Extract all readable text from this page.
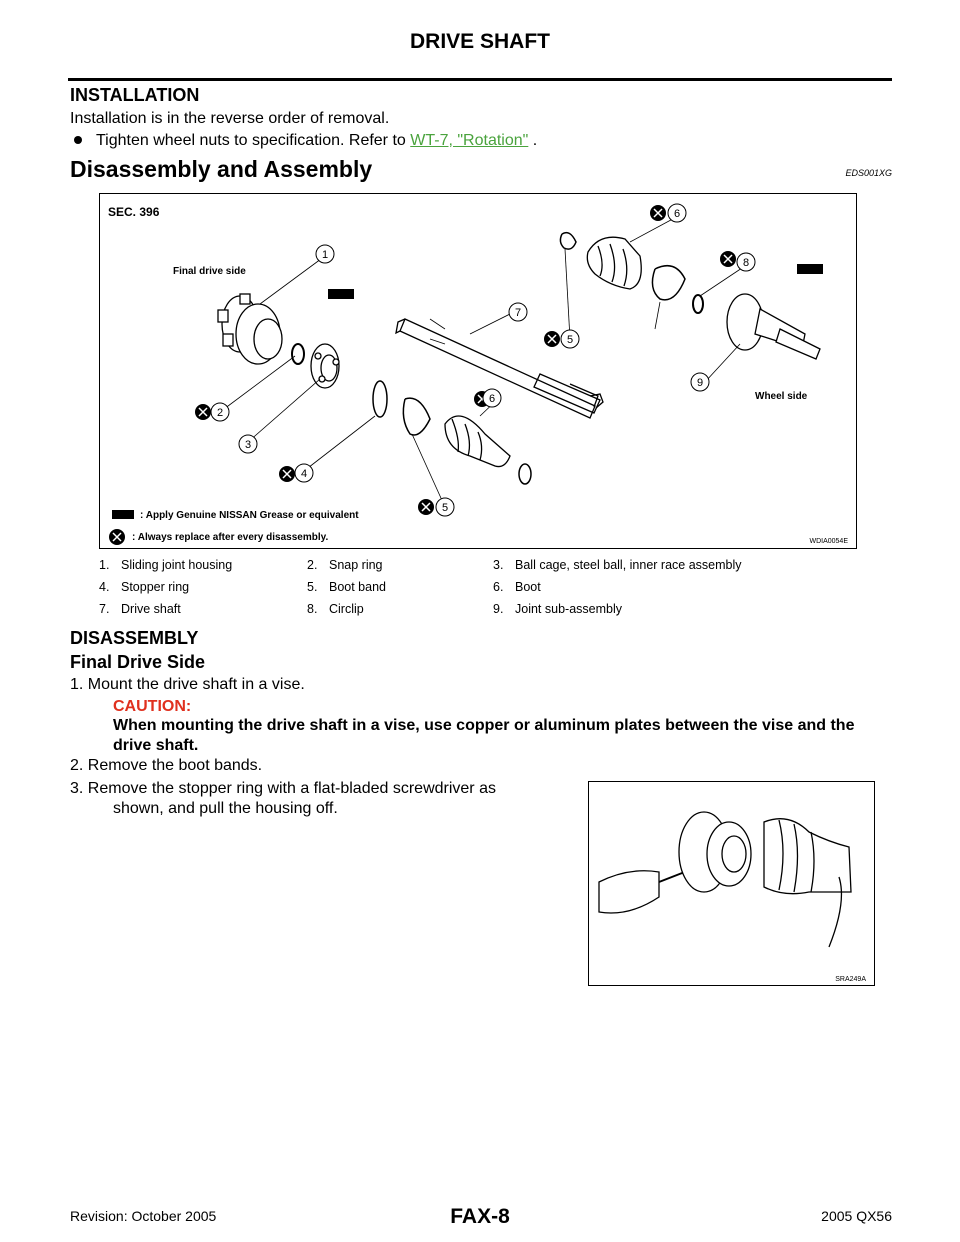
DRIVE SHAFT
INSTALLATION
Installation is in the reverse order of removal.
Tighten wheel nuts to specification. Refer to WT-7, "Rotation" .
Disassembly and Assembly	EDS001XG
SEC. 396
Final drive side
Wheel side
1
2
3
4
5
5
6
6
7
8
9
: Apply Genuine NISSAN Grease or equivalent
: Always replace after every disassembly.	WDIA0054E
1.	Sliding joint housing	2.	Snap ring	3.	Ball cage, steel ball, inner race assembly
4.	Stopper ring	5.	Boot band	6.	Boot
7.	Drive shaft	8.	Circlip	9.	Joint sub-assembly
DISASSEMBLY
Final Drive Side
1. Mount the drive shaft in a vise.
CAUTION:
When mounting the drive shaft in a vise, use copper or aluminum plates between the vise and the drive shaft.
2. Remove the boot bands.
3. Remove the stopper ring with a flat-bladed screwdriver as
shown, and pull the housing off.
SRA249A
Revision: October 2005	FAX-8	2005 QX56
